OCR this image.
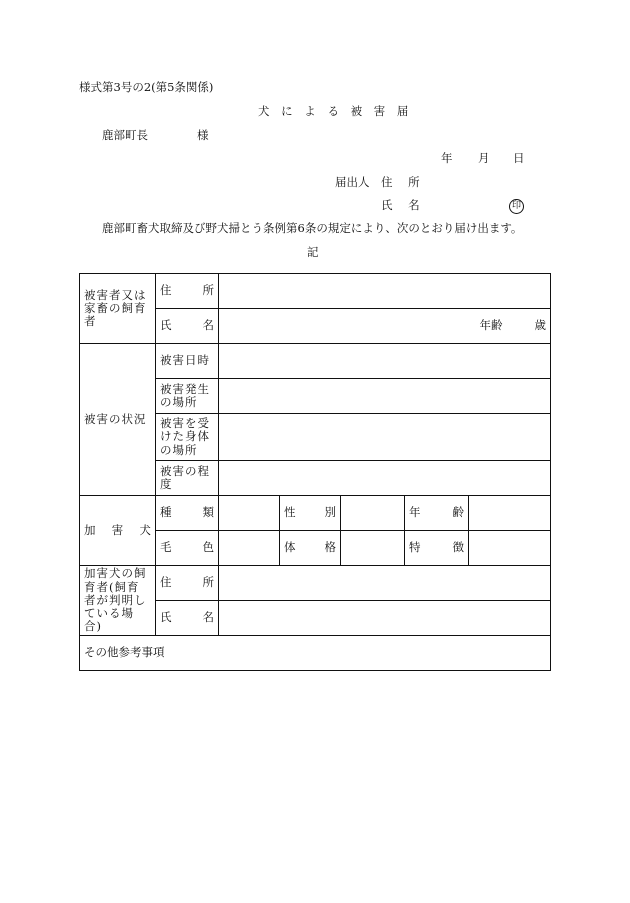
様式第3号の2(第5条関係)
犬 に よ る 被 害 届
鹿部町長	様
年 月 日
届出人 住 所
氏 名	印
鹿部町畜犬取締及び野犬掃とう条例第6条の規定により、次のとおり届け出ます。
記
被害者又は家畜の飼育者	住 所					
	氏 名	年齢 歳				
被害の状況	被害日時					
	被害発生の場所					
	被害を受けた身体の場所					
	被害の程度					
加 害 犬	種 類		性 別		年 齢	
	毛 色		体 格		特 徴	
加害犬の飼育者(飼育者が判明している場合)	住 所					
	氏 名					
その他参考事項						
